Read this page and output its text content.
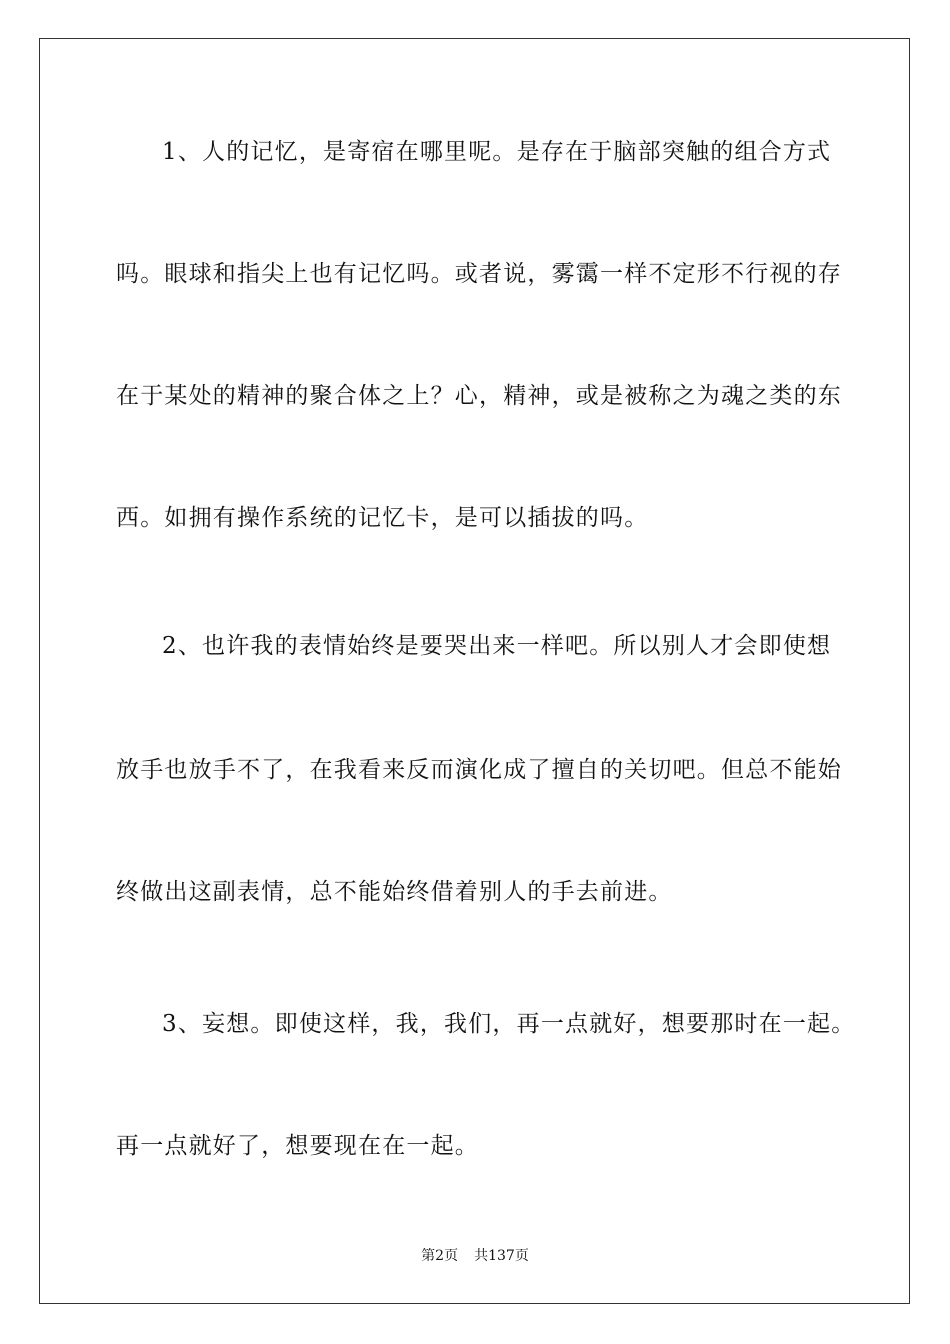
1、人的记忆，是寄宿在哪里呢。是存在于脑部突触的组合方式
吗。眼球和指尖上也有记忆吗。或者说，雾霭一样不定形不行视的存
在于某处的精神的聚合体之上？心，精神，或是被称之为魂之类的东
西。如拥有操作系统的记忆卡，是可以插拔的吗。
2、也许我的表情始终是要哭出来一样吧。所以别人才会即使想
放手也放手不了，在我看来反而演化成了擅自的关切吧。但总不能始
终做出这副表情，总不能始终借着别人的手去前进。
3、妄想。即使这样，我，我们，再一点就好，想要那时在一起。
再一点就好了，想要现在在一起。
第2页 共137页
